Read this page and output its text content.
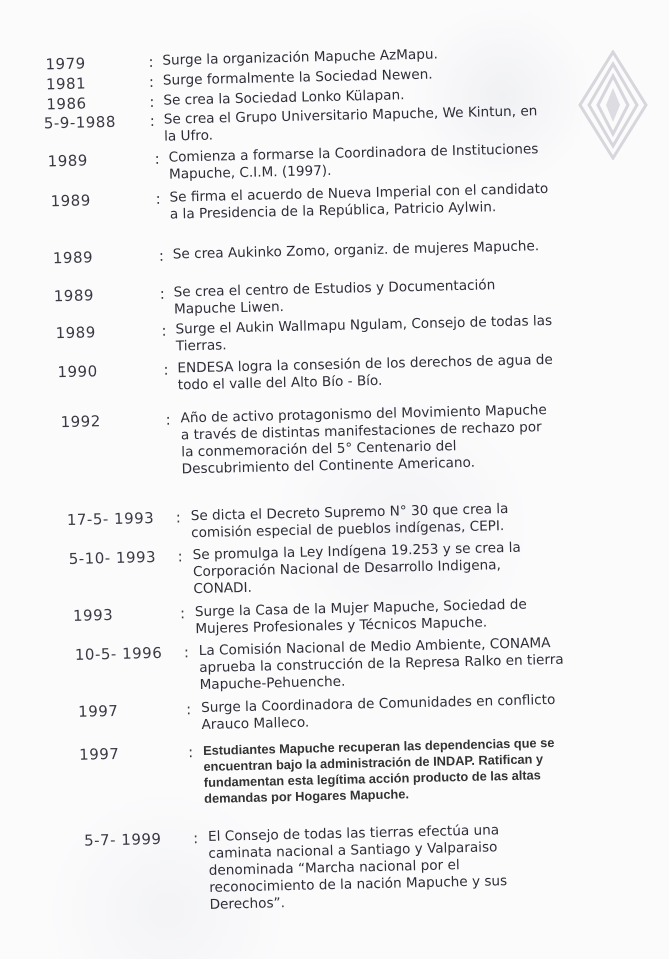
1979	: Surge la organización Mapuche AzMapu.
1981	: Surge formalmente la Sociedad Newen.
1986	: Se crea la Sociedad Lonko Külapan.
5-9-1988 : Se crea el Grupo Universitario Mapuche, We Kintun, en la Ufro.
1989	: Comienza a formarse la Coordinadora de Instituciones Mapuche, C.I.M. (1997).
1989	: Se firma el acuerdo de Nueva Imperial con el candidato a la Presidencia de la República, Patricio Aylwin.
1989	: Se crea Aukinko Zomo, organiz. de mujeres Mapuche.
1989	: Se crea el centro de Estudios y Documentación Mapuche Liwen.
1989	: Surge el Aukin Wallmapu Ngulam, Consejo de todas las Tierras.
1990	: ENDESA logra la consesión de los derechos de agua de todo el valle del Alto Bío - Bío.
1992	: Año de activo protagonismo del Movimiento Mapuche a través de distintas manifestaciones de rechazo por la conmemoración del 5° Centenario del Descubrimiento del Continente Americano.
17-5- 1993 : Se dicta el Decreto Supremo N° 30 que crea la comisión especial de pueblos indígenas, CEPI.
5-10- 1993 : Se promulga la Ley Indígena 19.253 y se crea la Corporación Nacional de Desarrollo Indigena, CONADI.
1993	: Surge la Casa de la Mujer Mapuche, Sociedad de Mujeres Profesionales y Técnicos Mapuche.
10-5- 1996 : La Comisión Nacional de Medio Ambiente, CONAMA aprueba la construcción de la Represa Ralko en tierra Mapuche-Pehuenche.
1997	: Surge la Coordinadora de Comunidades en conflicto Arauco Malleco.
1997	: Estudiantes Mapuche recuperan las dependencias que se encuentran bajo la administración de INDAP. Ratifican y fundamentan esta legítima acción producto de las altas demandas por Hogares Mapuche.
5-7- 1999 : El Consejo de todas las tierras efectúa una caminata nacional a Santiago y Valparaiso denominada “Marcha nacional por el reconocimiento de la nación Mapuche y sus Derechos”.
